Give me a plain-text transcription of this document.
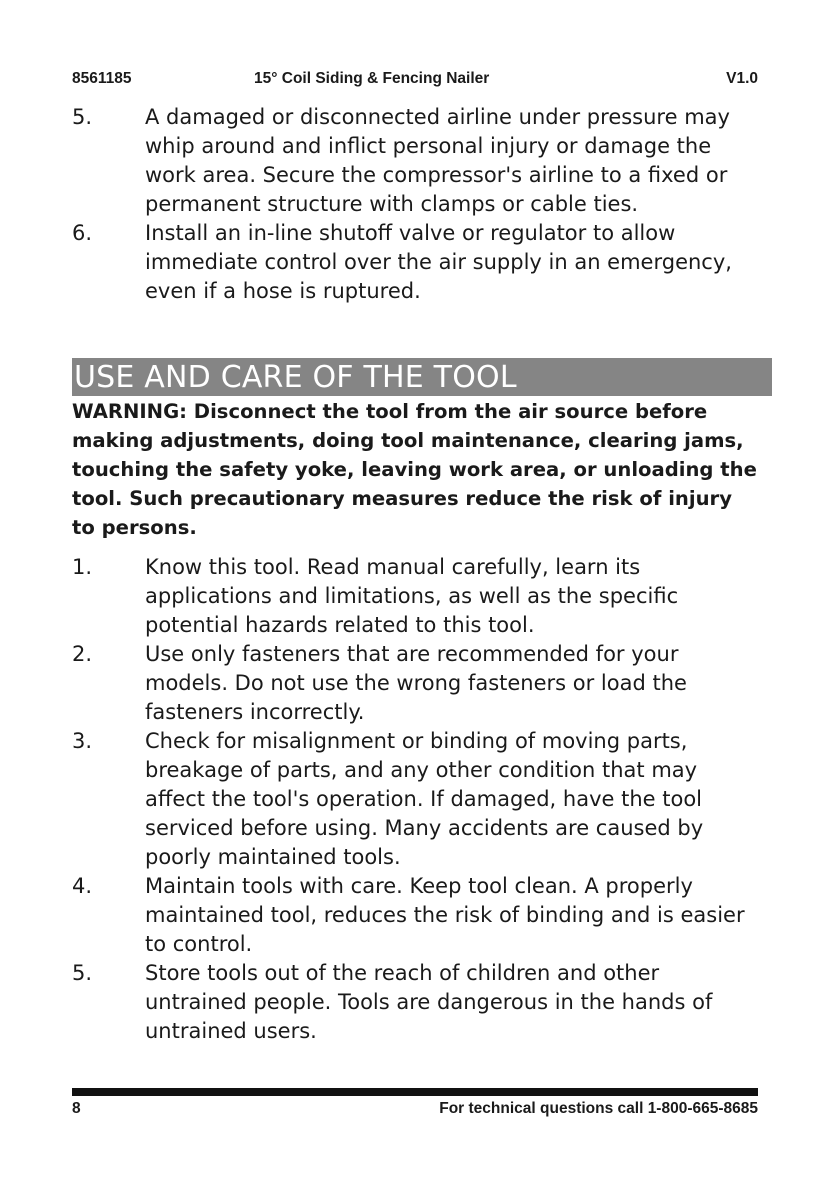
8561185	15° Coil Siding & Fencing Nailer	V1.0
5.	A damaged or disconnected airline under pressure may whip around and inflict personal injury or damage the work area. Secure the compressor's airline to a fixed or permanent structure with clamps or cable ties.
6.	Install an in-line shutoff valve or regulator to allow immediate control over the air supply in an emergency, even if a hose is ruptured.
USE AND CARE OF THE TOOL
WARNING: Disconnect the tool from the air source before making adjustments, doing tool maintenance, clearing jams, touching the safety yoke, leaving work area, or unloading the tool. Such precautionary measures reduce the risk of injury to persons.
1.	Know this tool. Read manual carefully, learn its applications and limitations, as well as the specific potential hazards related to this tool.
2.	Use only fasteners that are recommended for your models. Do not use the wrong fasteners or load the fasteners incorrectly.
3.	Check for misalignment or binding of moving parts, breakage of parts, and any other condition that may affect the tool's operation. If damaged, have the tool serviced before using. Many accidents are caused by poorly maintained tools.
4.	Maintain tools with care. Keep tool clean. A properly maintained tool, reduces the risk of binding and is easier to control.
5.	Store tools out of the reach of children and other untrained people. Tools are dangerous in the hands of untrained users.
8	For technical questions call 1-800-665-8685
